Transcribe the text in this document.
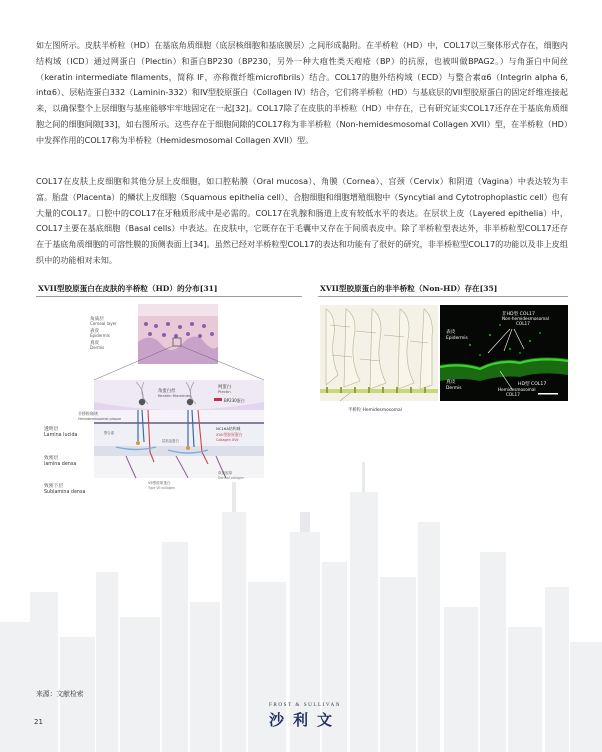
如左图所示。皮肤半桥粒（HD）在基底角质细胞（底层核细胞和基底膜层）之间形成黏附。在半桥粒（HD）中，COL17以三聚体形式存在，细胞内结构域（ICD）通过网蛋白（Plectin）和蛋白BP230（BP230，另外一种大疱性类天疱疮（BP）的抗原，也被叫做BPAG2。）与角蛋白中间丝（keratin intermediate filaments，简称 IF，亦称微纤维microfibrils）结合。COL17的胞外结构域（ECD）与整合素α6（Integrin alpha 6, intα6）、层粘连蛋白332（Laminin-332）和IV型胶原蛋白（Collagen IV）结合，它们将半桥粒（HD）与基底层的VII型胶原蛋白的固定纤维连接起来，以确保整个上层细胞与基座能够牢牢地固定在一起[32]。COL17除了在皮肤的半桥粒（HD）中存在，已有研究证实COL17还存在于基底角质细胞之间的细胞间隙[33]，如右图所示。这些存在于细胞间隙的COL17称为非半桥粒（Non-hemidesmosomal Collagen XVII）型，在半桥粒（HD）中发挥作用的COL17称为半桥粒（Hemidesmosomal Collagen XVII）型。
COL17在皮肤上皮细胞和其他分层上皮细胞，如口腔粘膜（Oral mucosa）、角膜（Cornea）、宫颈（Cervix）和阴道（Vagina）中表达较为丰富。胎盘（Placenta）的鳞状上皮细胞（Squamous epithelia cell）、合胞细胞和细胞增殖细胞中（Syncytial and Cytotrophoplastic cell）也有大量的COL17。口腔中的COL17在牙釉质形成中是必需的。COL17在乳腺和肠道上皮有较低水平的表达。在层状上皮（Layered epithelia）中，COL17主要在基底细胞（Basal cells）中表达。在皮肤中，它既存在于毛囊中又存在于间质表皮中。除了半桥粒型表达外，非半桥粒型COL17还存在于基底角质细胞的可溶性膜的顶侧表面上[34]。虽然已经对半桥粒型COL17的表达和功能有了很好的研究，非半桥粒型COL17的功能以及非上皮组织中的功能相对未知。
XVII型胶原蛋白在皮肤的半桥粒（HD）的分布[31]	XVII型胶原蛋白的非半桥粒（Non-HD）存在[35]
角质层
Corneal layer
表皮
Epidermis
真皮
Dermis
角蛋白丝
Keratin filaments
网蛋白
Plectin
BP230蛋白
半桥粒斑块
Hemidesmosomal plaque
NC16A结构域
XVII型胶原蛋白
Collagen XVII
整合素
层粘连蛋白
真皮胶原
Dermal collagen
VII型胶原蛋白
Type VII collagen
透明层
Lamina lucida
致密层
lamina densa
致密下层
Sublamina densa
半桥粒 Hemidesmosomal
非HD型 COL17
Non-hemidesmosomal
COL17
表皮
Epidermis
真皮
Dermis
HD型 COL17
Hemidesmosomal
COL17
来源：文献检索
21
FROST & SULLIVAN
沙利文
